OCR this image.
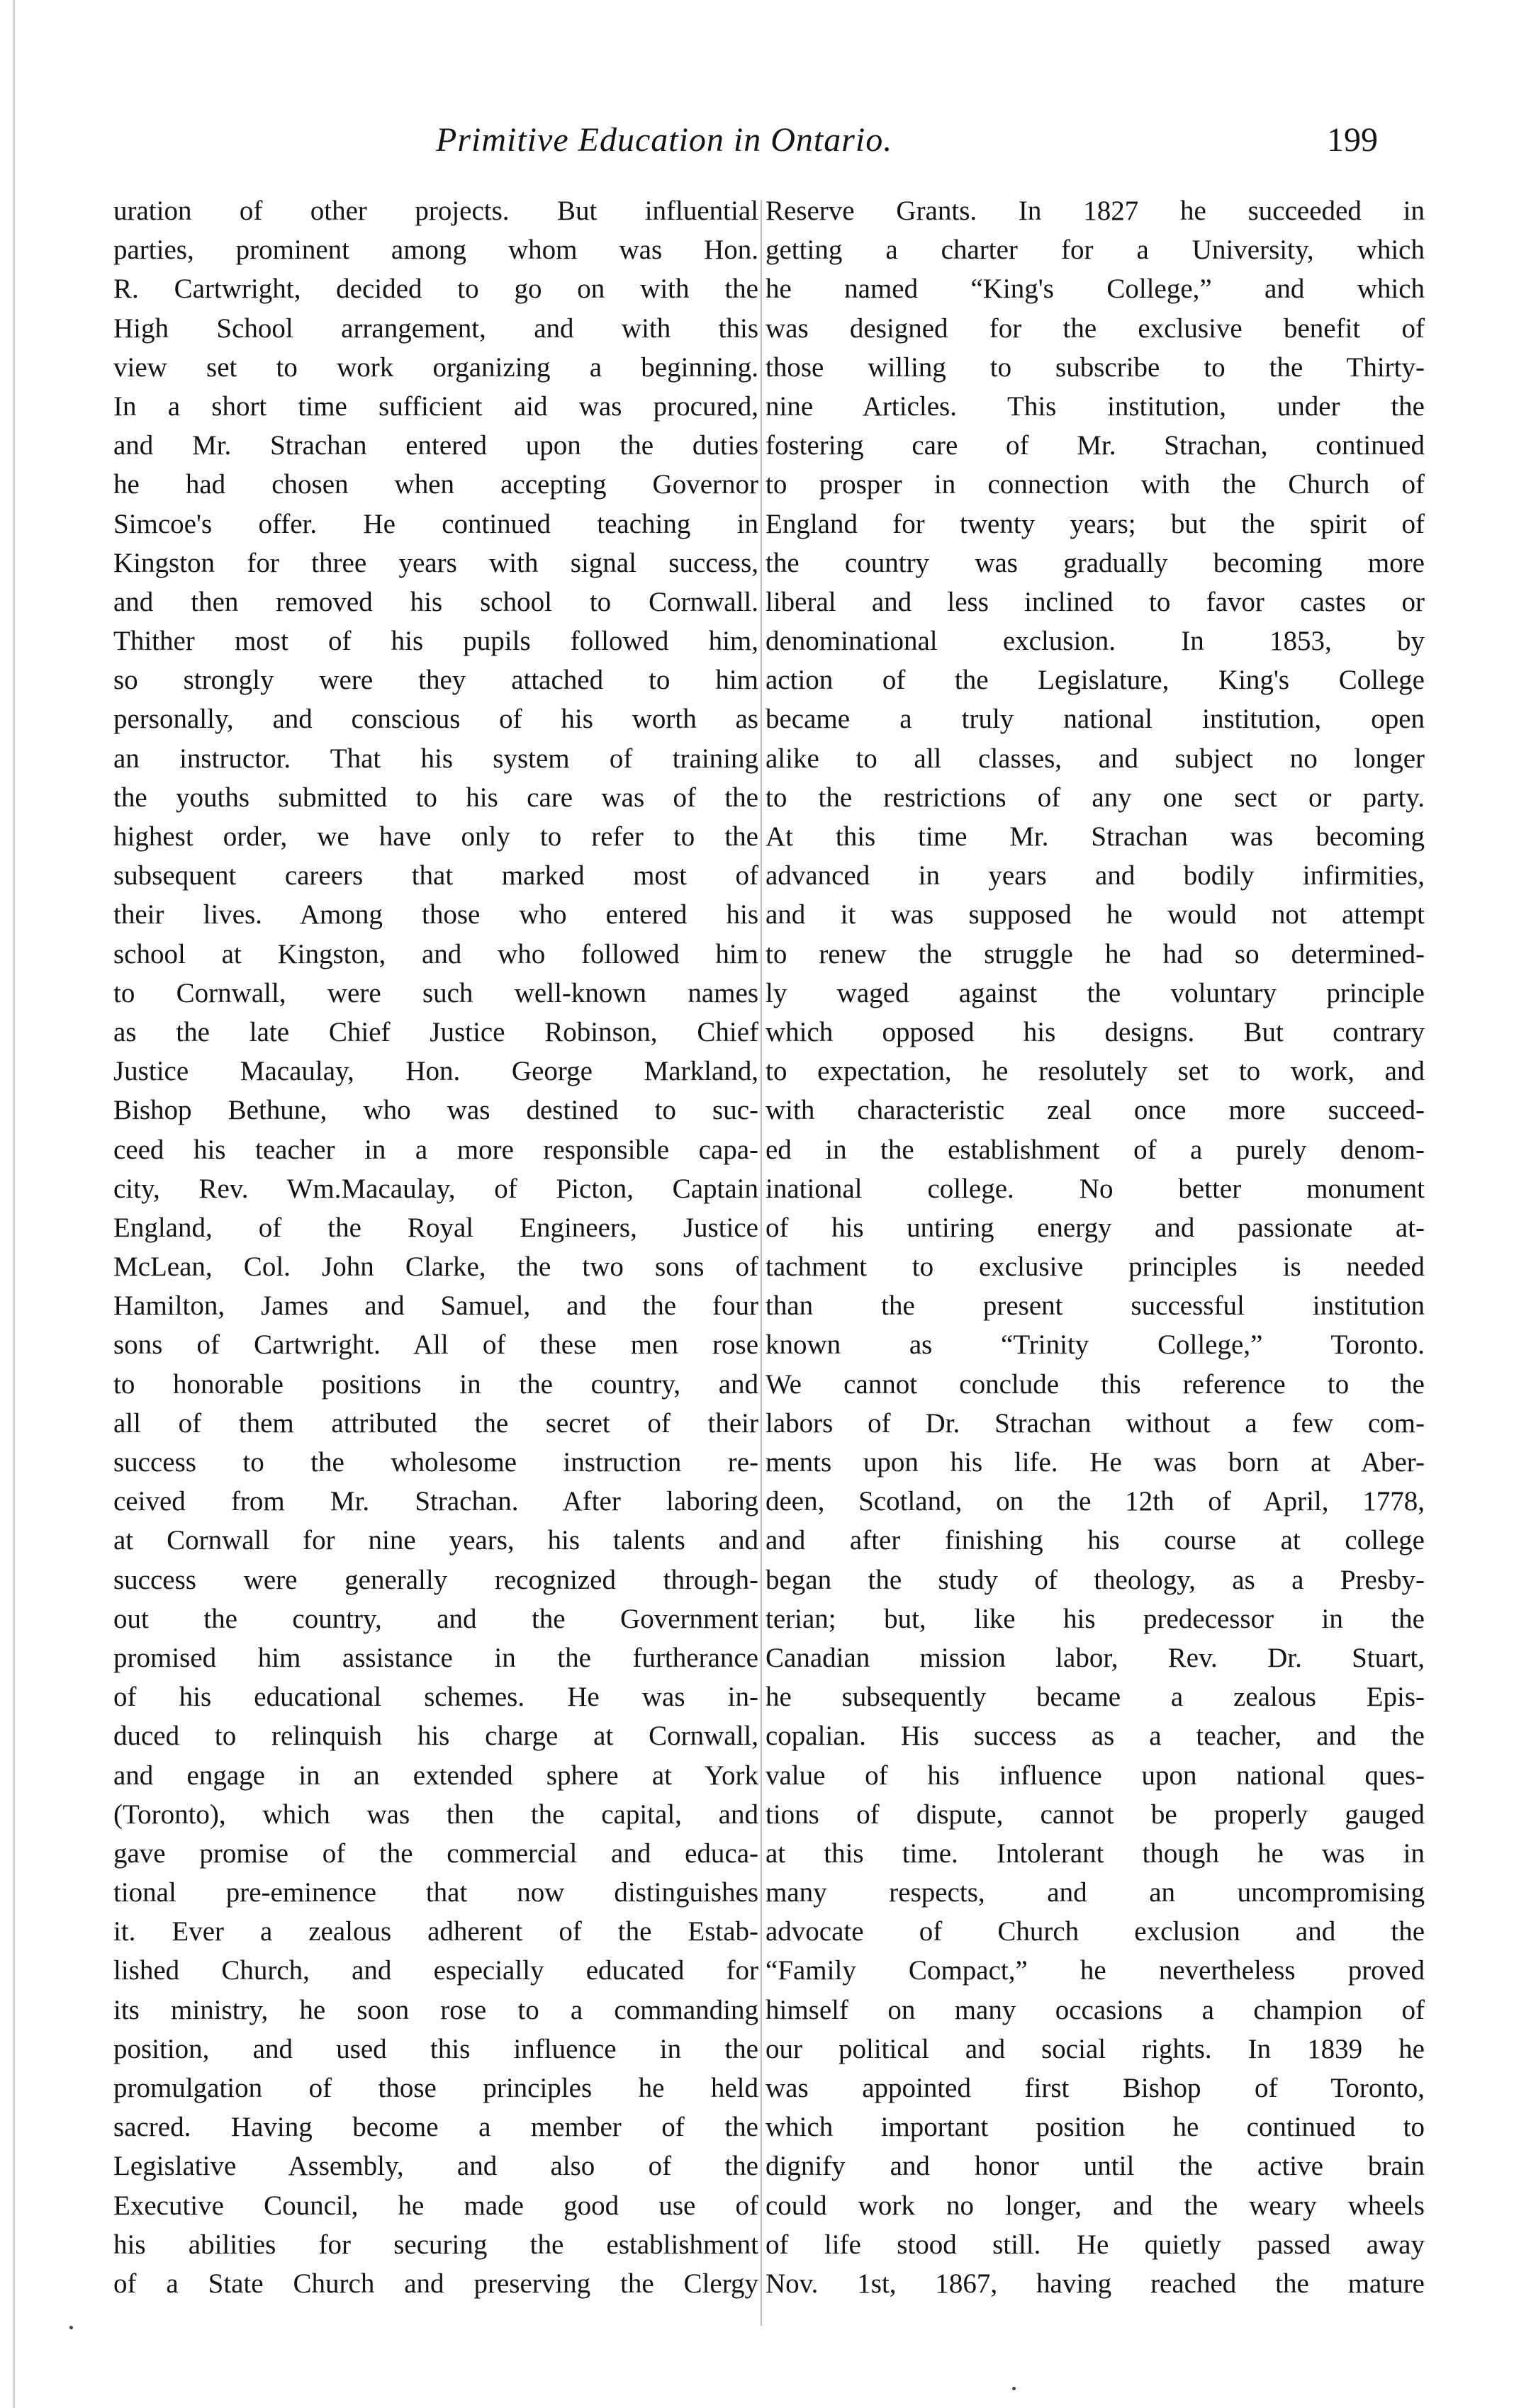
Primitive Education in Ontario.	199
uration of other projects. But influential
parties, prominent among whom was Hon.
R. Cartwright, decided to go on with the
High School arrangement, and with this
view set to work organizing a beginning.
In a short time sufficient aid was procured,
and Mr. Strachan entered upon the duties
he had chosen when accepting Governor
Simcoe's offer. He continued teaching in
Kingston for three years with signal success,
and then removed his school to Cornwall.
Thither most of his pupils followed him,
so strongly were they attached to him
personally, and conscious of his worth as
an instructor. That his system of training
the youths submitted to his care was of the
highest order, we have only to refer to the
subsequent careers that marked most of
their lives. Among those who entered his
school at Kingston, and who followed him
to Cornwall, were such well-known names
as the late Chief Justice Robinson, Chief
Justice Macaulay, Hon. George Markland,
Bishop Bethune, who was destined to suc-
ceed his teacher in a more responsible capa-
city, Rev. Wm.Macaulay, of Picton, Captain
England, of the Royal Engineers, Justice
McLean, Col. John Clarke, the two sons of
Hamilton, James and Samuel, and the four
sons of Cartwright. All of these men rose
to honorable positions in the country, and
all of them attributed the secret of their
success to the wholesome instruction re-
ceived from Mr. Strachan. After laboring
at Cornwall for nine years, his talents and
success were generally recognized through-
out the country, and the Government
promised him assistance in the furtherance
of his educational schemes. He was in-
duced to relinquish his charge at Cornwall,
and engage in an extended sphere at York
(Toronto), which was then the capital, and
gave promise of the commercial and educa-
tional pre-eminence that now distinguishes
it. Ever a zealous adherent of the Estab-
lished Church, and especially educated for
its ministry, he soon rose to a commanding
position, and used this influence in the
promulgation of those principles he held
sacred. Having become a member of the
Legislative Assembly, and also of the
Executive Council, he made good use of
his abilities for securing the establishment
of a State Church and preserving the Clergy
Reserve Grants. In 1827 he succeeded in
getting a charter for a University, which
he named “King's College,” and which
was designed for the exclusive benefit of
those willing to subscribe to the Thirty-
nine Articles. This institution, under the
fostering care of Mr. Strachan, continued
to prosper in connection with the Church of
England for twenty years; but the spirit of
the country was gradually becoming more
liberal and less inclined to favor castes or
denominational exclusion. In 1853, by
action of the Legislature, King's College
became a truly national institution, open
alike to all classes, and subject no longer
to the restrictions of any one sect or party.
At this time Mr. Strachan was becoming
advanced in years and bodily infirmities,
and it was supposed he would not attempt
to renew the struggle he had so determined-
ly waged against the voluntary principle
which opposed his designs. But contrary
to expectation, he resolutely set to work, and
with characteristic zeal once more succeed-
ed in the establishment of a purely denom-
inational college. No better monument
of his untiring energy and passionate at-
tachment to exclusive principles is needed
than the present successful institution
known as “Trinity College,” Toronto.
We cannot conclude this reference to the
labors of Dr. Strachan without a few com-
ments upon his life. He was born at Aber-
deen, Scotland, on the 12th of April, 1778,
and after finishing his course at college
began the study of theology, as a Presby-
terian; but, like his predecessor in the
Canadian mission labor, Rev. Dr. Stuart,
he subsequently became a zealous Epis-
copalian. His success as a teacher, and the
value of his influence upon national ques-
tions of dispute, cannot be properly gauged
at this time. Intolerant though he was in
many respects, and an uncompromising
advocate of Church exclusion and the
“Family Compact,” he nevertheless proved
himself on many occasions a champion of
our political and social rights. In 1839 he
was appointed first Bishop of Toronto,
which important position he continued to
dignify and honor until the active brain
could work no longer, and the weary wheels
of life stood still. He quietly passed away
Nov. 1st, 1867, having reached the mature
